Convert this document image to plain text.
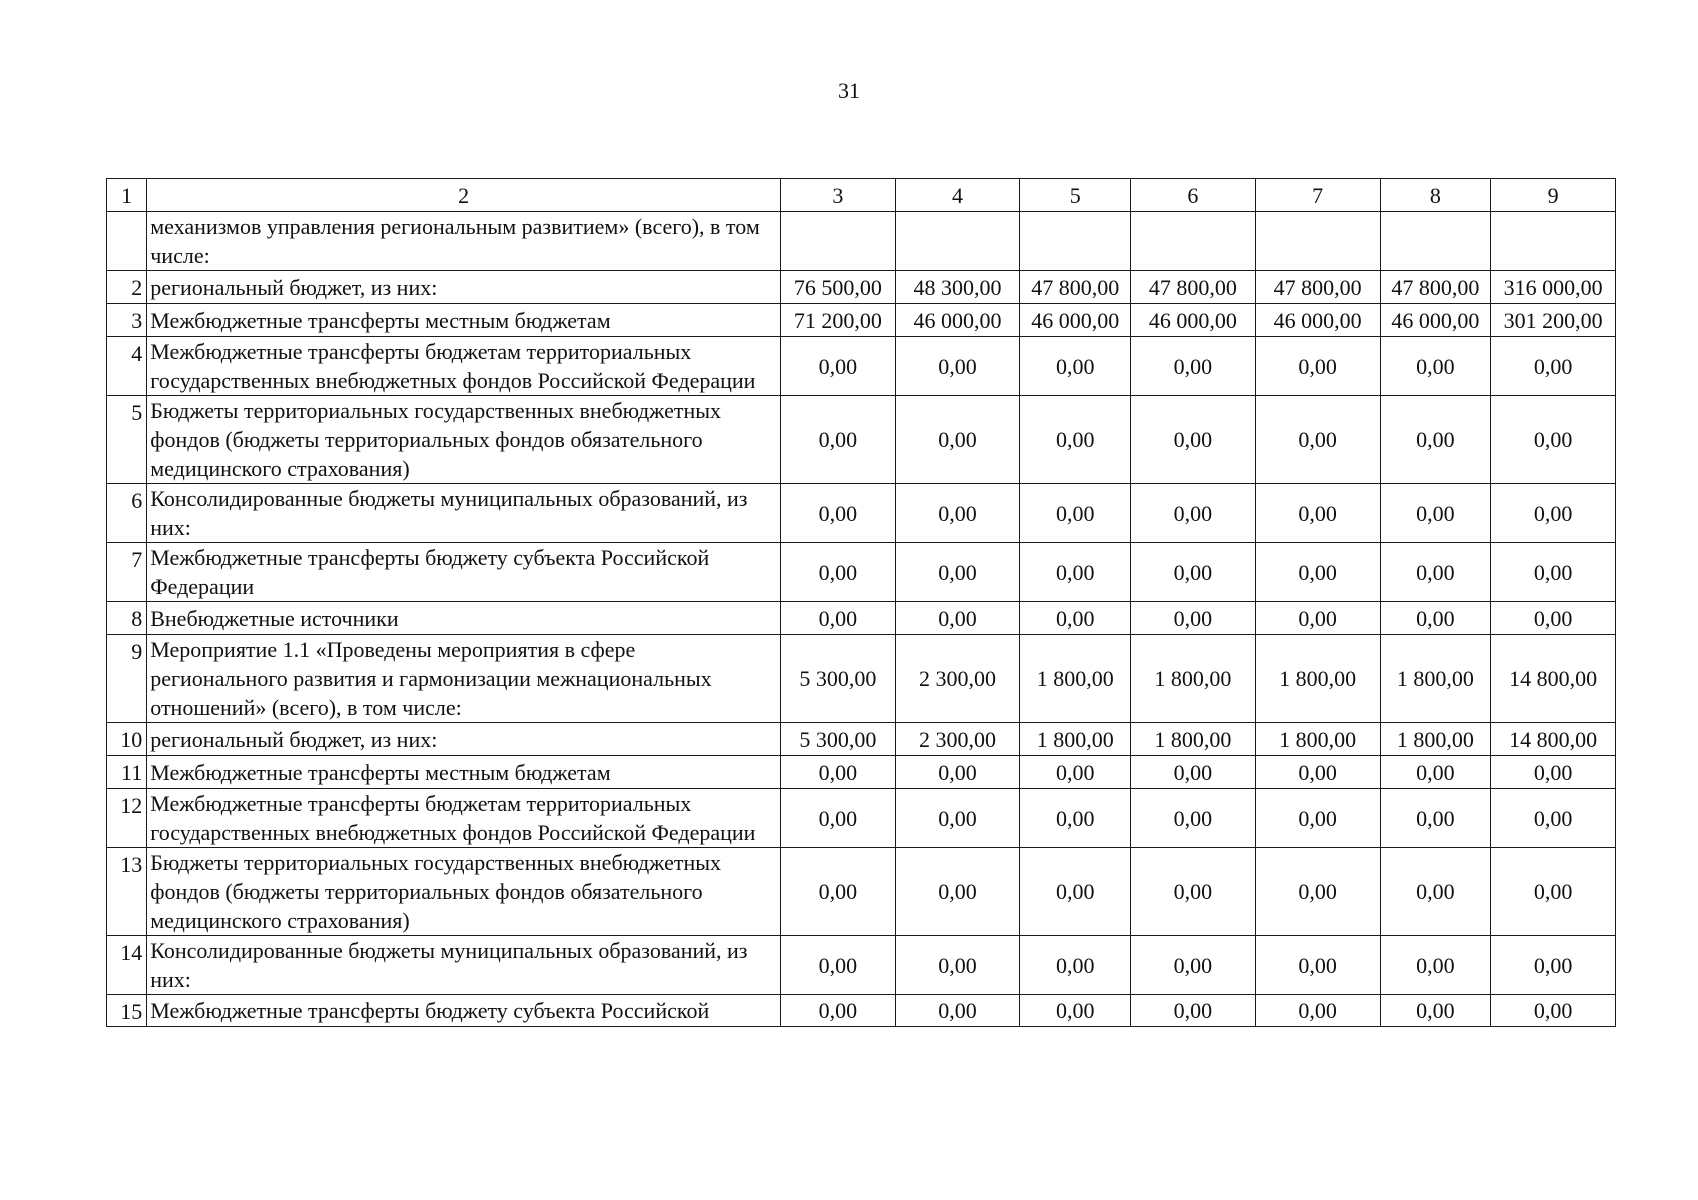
31
1	2	3	4	5	6	7	8	9
	механизмов управления региональным развитием» (всего), в том числе:							
2	региональный бюджет, из них:	76 500,00	48 300,00	47 800,00	47 800,00	47 800,00	47 800,00	316 000,00
3	Межбюджетные трансферты местным бюджетам	71 200,00	46 000,00	46 000,00	46 000,00	46 000,00	46 000,00	301 200,00
4	Межбюджетные трансферты бюджетам территориальных государственных внебюджетных фондов Российской Федерации	0,00	0,00	0,00	0,00	0,00	0,00	0,00
5	Бюджеты территориальных государственных внебюджетных фондов (бюджеты территориальных фондов обязательного медицинского страхования)	0,00	0,00	0,00	0,00	0,00	0,00	0,00
6	Консолидированные бюджеты муниципальных образований, из них:	0,00	0,00	0,00	0,00	0,00	0,00	0,00
7	Межбюджетные трансферты бюджету субъекта Российской Федерации	0,00	0,00	0,00	0,00	0,00	0,00	0,00
8	Внебюджетные источники	0,00	0,00	0,00	0,00	0,00	0,00	0,00
9	Мероприятие 1.1 «Проведены мероприятия в сфере регионального развития и гармонизации межнациональных отношений» (всего), в том числе:	5 300,00	2 300,00	1 800,00	1 800,00	1 800,00	1 800,00	14 800,00
10	региональный бюджет, из них:	5 300,00	2 300,00	1 800,00	1 800,00	1 800,00	1 800,00	14 800,00
11	Межбюджетные трансферты местным бюджетам	0,00	0,00	0,00	0,00	0,00	0,00	0,00
12	Межбюджетные трансферты бюджетам территориальных государственных внебюджетных фондов Российской Федерации	0,00	0,00	0,00	0,00	0,00	0,00	0,00
13	Бюджеты территориальных государственных внебюджетных фондов (бюджеты территориальных фондов обязательного медицинского страхования)	0,00	0,00	0,00	0,00	0,00	0,00	0,00
14	Консолидированные бюджеты муниципальных образований, из них:	0,00	0,00	0,00	0,00	0,00	0,00	0,00
15	Межбюджетные трансферты бюджету субъекта Российской	0,00	0,00	0,00	0,00	0,00	0,00	0,00
